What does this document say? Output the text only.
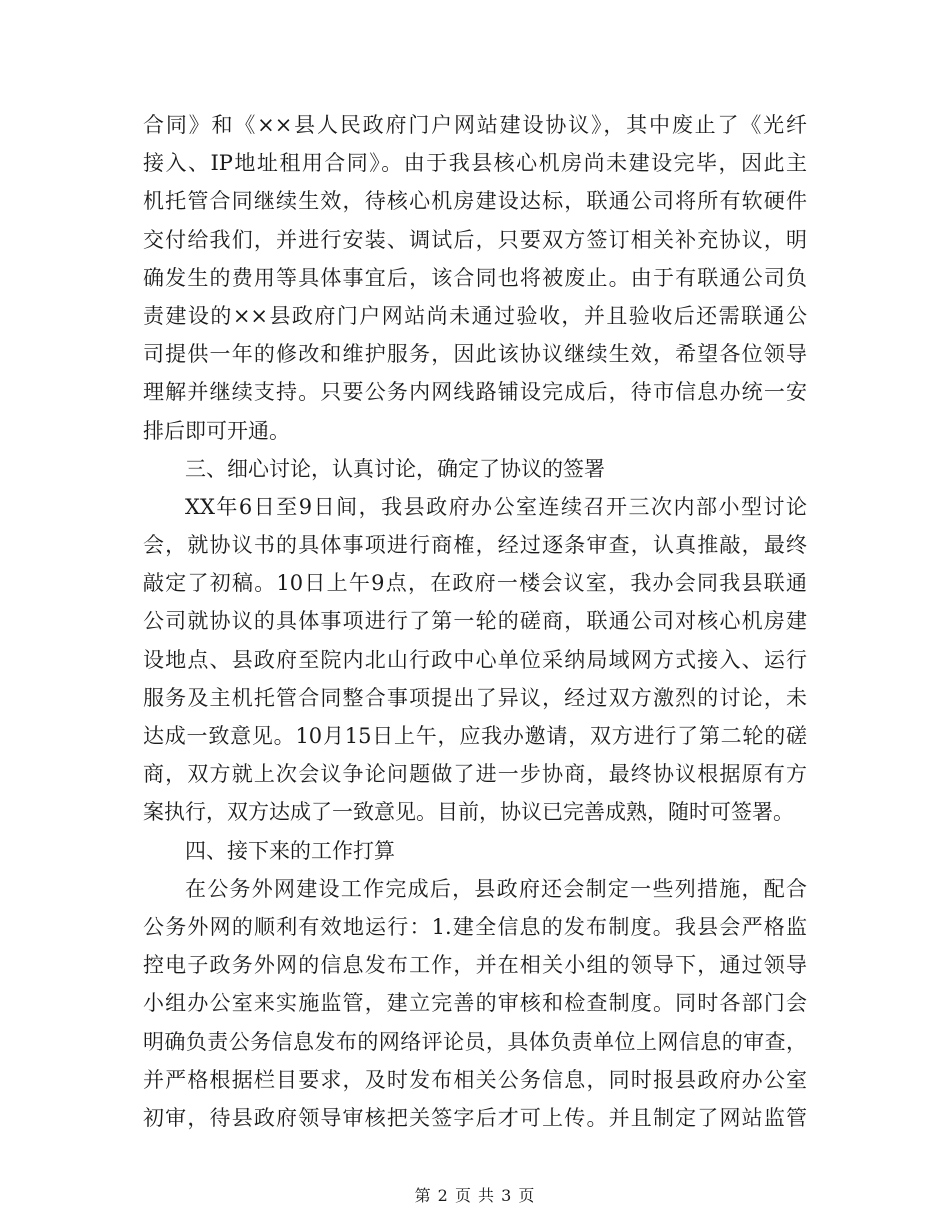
合同》和《××县人民政府门户网站建设协议》，其中废止了《光纤
接入、IP地址租用合同》。由于我县核心机房尚未建设完毕，因此主
机托管合同继续生效，待核心机房建设达标，联通公司将所有软硬件
交付给我们，并进行安装、调试后，只要双方签订相关补充协议，明
确发生的费用等具体事宜后，该合同也将被废止。由于有联通公司负
责建设的××县政府门户网站尚未通过验收，并且验收后还需联通公
司提供一年的修改和维护服务，因此该协议继续生效，希望各位领导
理解并继续支持。只要公务内网线路铺设完成后，待市信息办统一安
排后即可开通。
三、细心讨论，认真讨论，确定了协议的签署
XX年6日至9日间，我县政府办公室连续召开三次内部小型讨论
会，就协议书的具体事项进行商榷，经过逐条审查，认真推敲，最终
敲定了初稿。10日上午9点，在政府一楼会议室，我办会同我县联通
公司就协议的具体事项进行了第一轮的磋商，联通公司对核心机房建
设地点、县政府至院内北山行政中心单位采纳局域网方式接入、运行
服务及主机托管合同整合事项提出了异议，经过双方激烈的讨论，未
达成一致意见。10月15日上午，应我办邀请，双方进行了第二轮的磋
商，双方就上次会议争论问题做了进一步协商，最终协议根据原有方
案执行，双方达成了一致意见。目前，协议已完善成熟，随时可签署。
四、接下来的工作打算
在公务外网建设工作完成后，县政府还会制定一些列措施，配合
公务外网的顺利有效地运行：1.建全信息的发布制度。我县会严格监
控电子政务外网的信息发布工作，并在相关小组的领导下，通过领导
小组办公室来实施监管，建立完善的审核和检查制度。同时各部门会
明确负责公务信息发布的网络评论员，具体负责单位上网信息的审查，
并严格根据栏目要求，及时发布相关公务信息，同时报县政府办公室
初审，待县政府领导审核把关签字后才可上传。并且制定了网站监管
第 2 页 共 3 页
